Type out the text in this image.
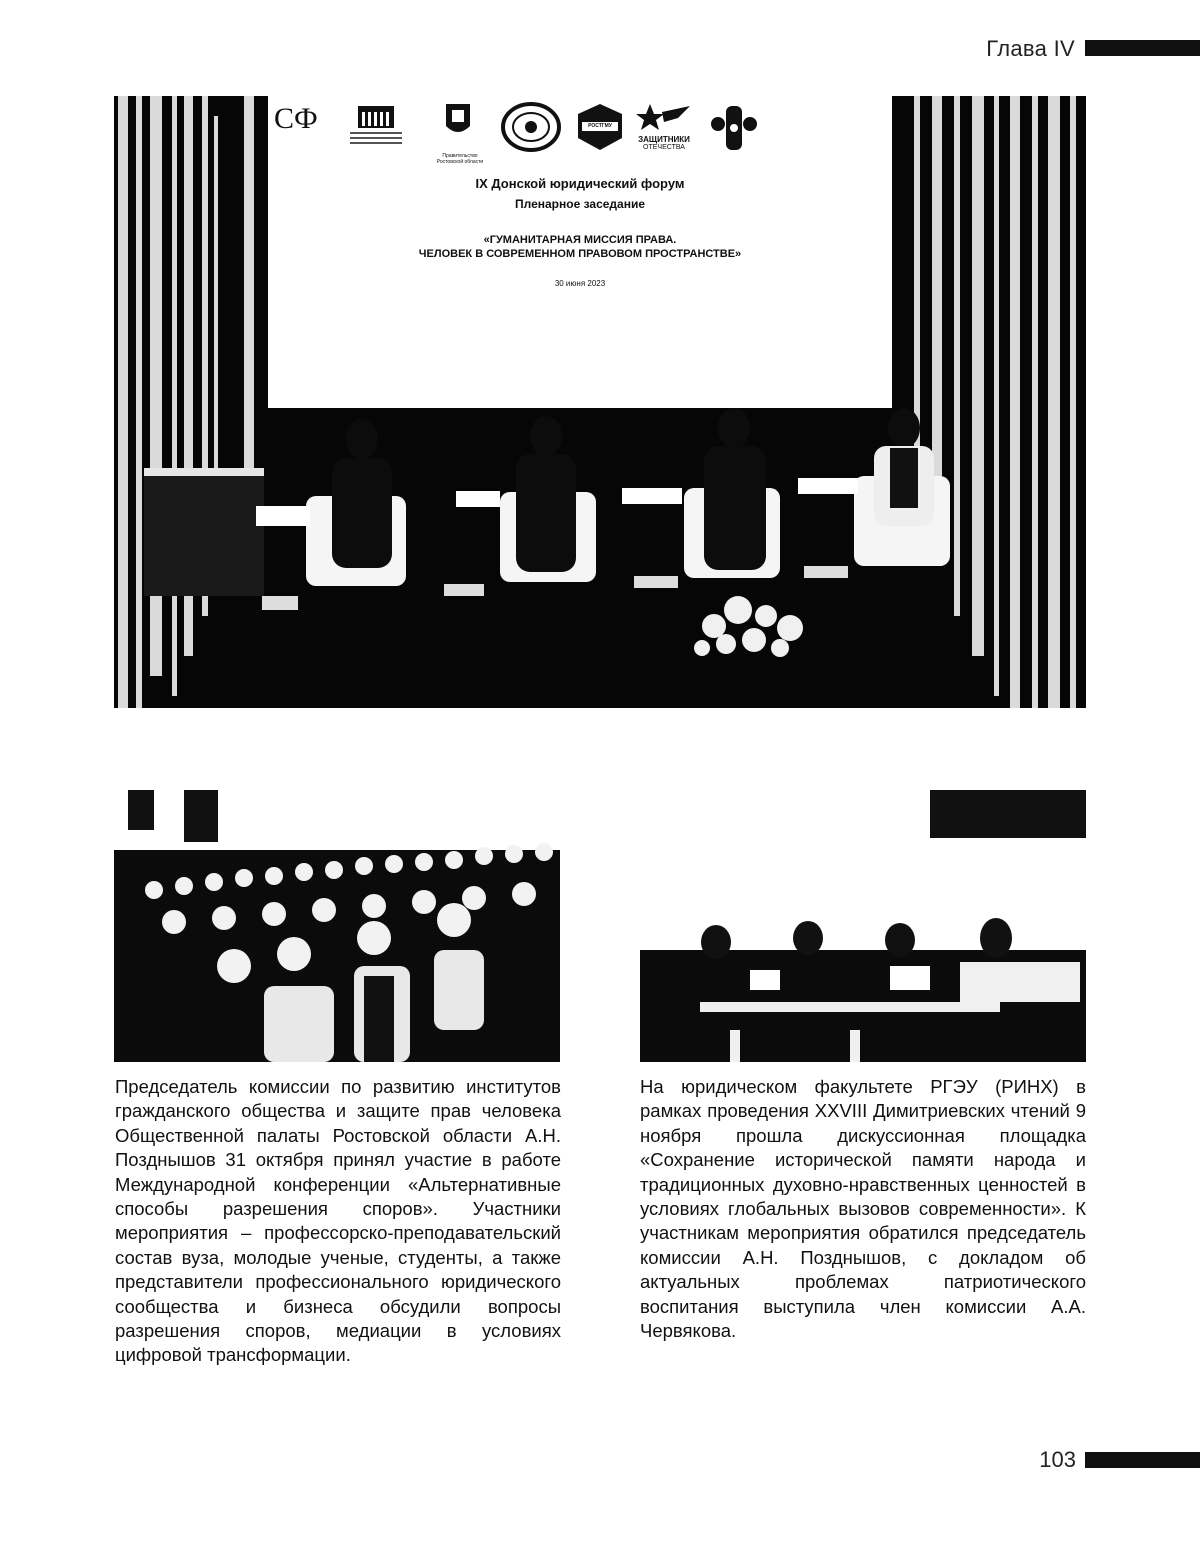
Глава IV
СФ
Правительство Ростовской области
РОСТГМУ
ЗАЩИТНИКИ
ОТЕЧЕСТВА
IX Донской юридический форум
Пленарное заседание
«ГУМАНИТАРНАЯ МИССИЯ ПРАВА.
ЧЕЛОВЕК В СОВРЕМЕННОМ ПРАВОВОМ ПРОСТРАНСТВЕ»
30 июня 2023

Председатель комиссии по развитию институтов гражданского общества и защите прав человека Общественной палаты Ростовской области А.Н. Позднышов 31 октября принял участие в работе Международной конференции «Альтернативные способы разрешения споров». Участники мероприятия – профессорско-преподавательский состав вуза, молодые ученые, студенты, а также представители профессионального юридического сообщества и бизнеса обсудили вопросы разрешения споров, медиации в условиях цифровой трансформации.

На юридическом факультете РГЭУ (РИНХ) в рамках проведения XXVIII Димитриевских чтений 9 ноября прошла дискуссионная площадка «Сохранение исторической памяти народа и традиционных духовно-нравственных ценностей в условиях глобальных вызовов современности». К участникам мероприятия обратился председатель комиссии А.Н. Позднышов, с докладом об актуальных проблемах патриотического воспитания выступила член комиссии А.А. Червякова.

103
